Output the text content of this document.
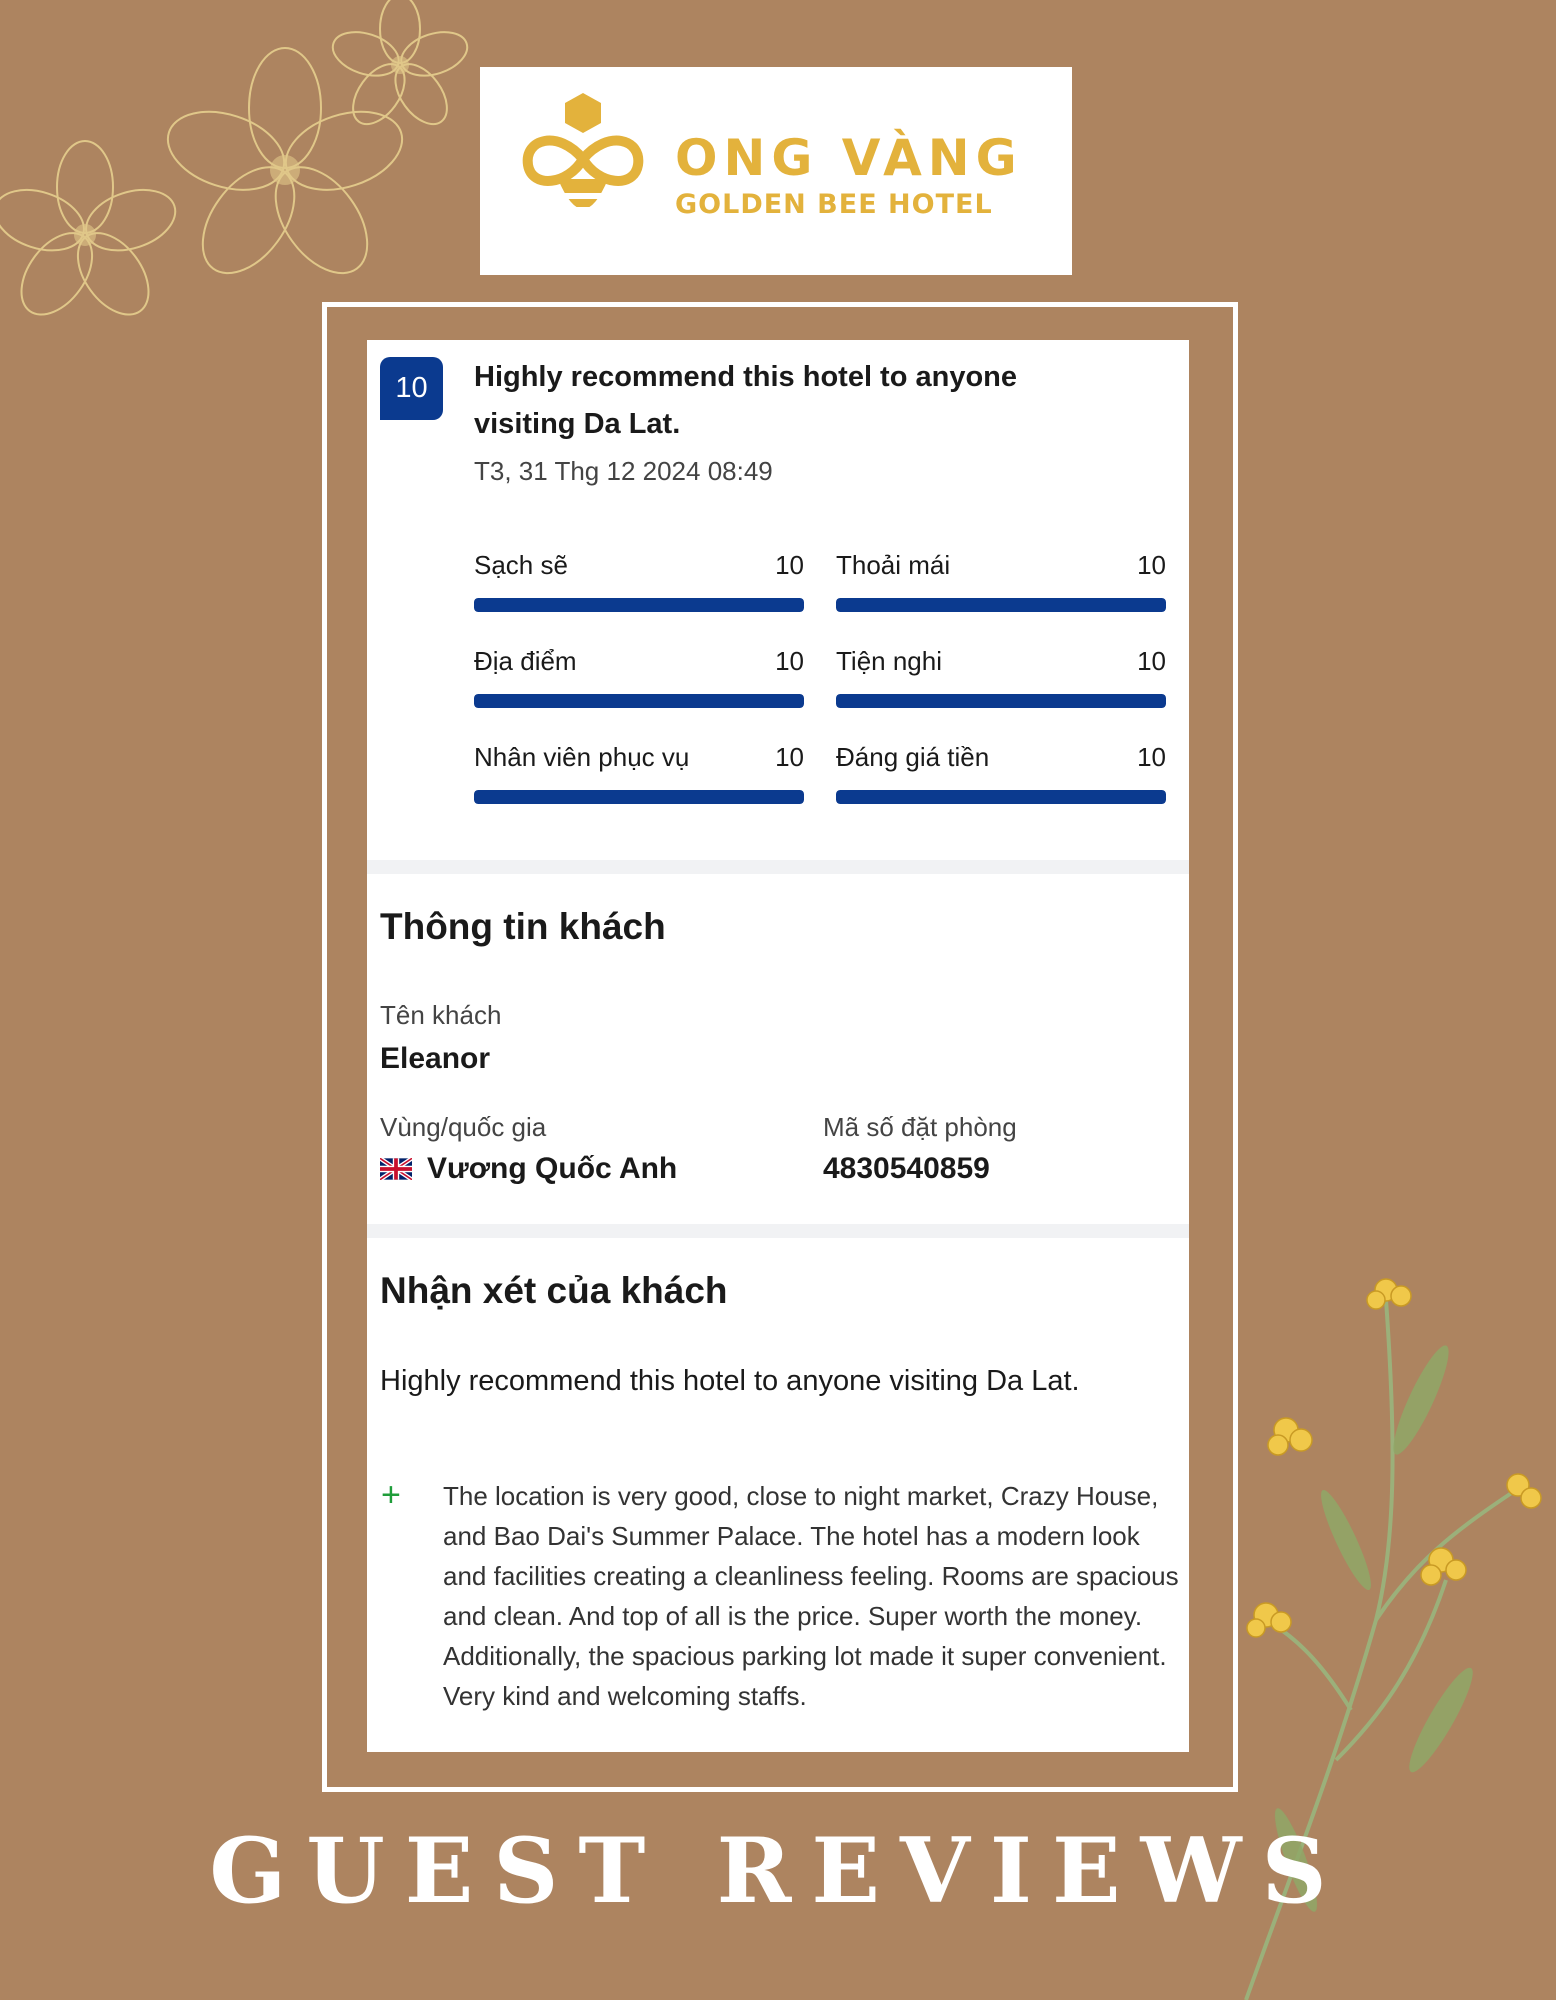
ONG VÀNG
GOLDEN BEE HOTEL
10	Highly recommend this hotel to anyone visiting Da Lat.
T3, 31 Thg 12 2024 08:49
Sạch sẽ	10 Thoải mái	10
Địa điểm	10 Tiện nghi	10
Nhân viên phục vụ	10 Đáng giá tiền	10
Thông tin khách
Tên khách
Eleanor
Vùng/quốc gia
Vương Quốc Anh
Mã số đặt phòng
4830540859
Nhận xét của khách
Highly recommend this hotel to anyone visiting Da Lat.
+ The location is very good, close to night market, Crazy House, and Bao Dai's Summer Palace. The hotel has a modern look and facilities creating a cleanliness feeling. Rooms are spacious and clean. And top of all is the price. Super worth the money. Additionally, the spacious parking lot made it super convenient. Very kind and welcoming staffs.
GUEST REVIEWS
